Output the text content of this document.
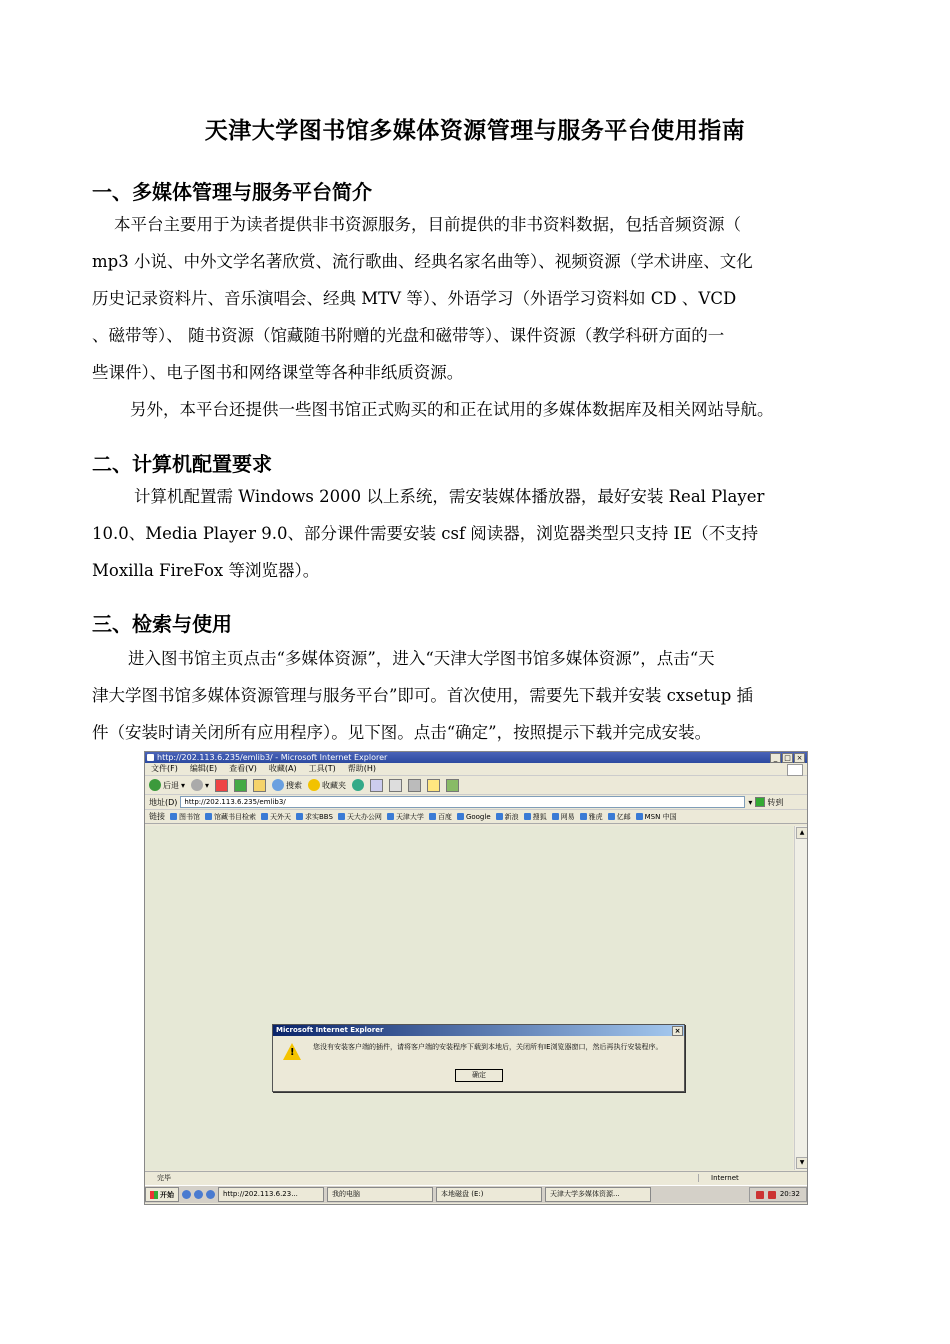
天津大学图书馆多媒体资源管理与服务平台使用指南
一、多媒体管理与服务平台简介
本平台主要用于为读者提供非书资源服务，目前提供的非书资料数据，包括音频资源（
mp3 小说、中外文学名著欣赏、流行歌曲、经典名家名曲等）、视频资源（学术讲座、文化
历史记录资料片、音乐演唱会、经典 MTV 等）、外语学习（外语学习资料如 CD 、VCD
、磁带等）、 随书资源（馆藏随书附赠的光盘和磁带等）、课件资源（教学科研方面的一
些课件）、电子图书和网络课堂等各种非纸质资源。
另外，本平台还提供一些图书馆正式购买的和正在试用的多媒体数据库及相关网站导航。
二、计算机配置要求
计算机配置需 Windows 2000 以上系统，需安装媒体播放器，最好安装 Real Player
10.0、Media Player 9.0、部分课件需要安装 csf 阅读器，浏览器类型只支持 IE（不支持
Moxilla FireFox 等浏览器）。
三、检索与使用
进入图书馆主页点击“多媒体资源”，进入“天津大学图书馆多媒体资源”，点击“天
津大学图书馆多媒体资源管理与服务平台”即可。首次使用，需要先下载并安装 cxsetup 插
件（安装时请关闭所有应用程序）。见下图。点击“确定”，按照提示下载并完成安装。
http://202.113.6.235/emlib3/ - Microsoft Internet Explorer	_ □ ×
文件(F) 编辑(E) 查看(V) 收藏(A) 工具(T) 帮助(H)
后退 ▾	▾	搜索	收藏夹
地址(D)	http://202.113.6.235/emlib3/	▾ 转到
链接 图书馆 馆藏书目检索 天外天 求实BBS 天大办公网 天津大学 百度 Google 新浪 搜狐 网易 雅虎 亿邮 MSN 中国
Microsoft Internet Explorer	×
!	您没有安装客户端的插件，请将客户端的安装程序下载到本地后，关闭所有IE浏览器窗口，然后再执行安装程序。
确定
▲
▼
完毕	Internet
开始	http://202.113.6.23...	我的电脑	本地磁盘 (E:)	天津大学多媒体资源...	20:32
